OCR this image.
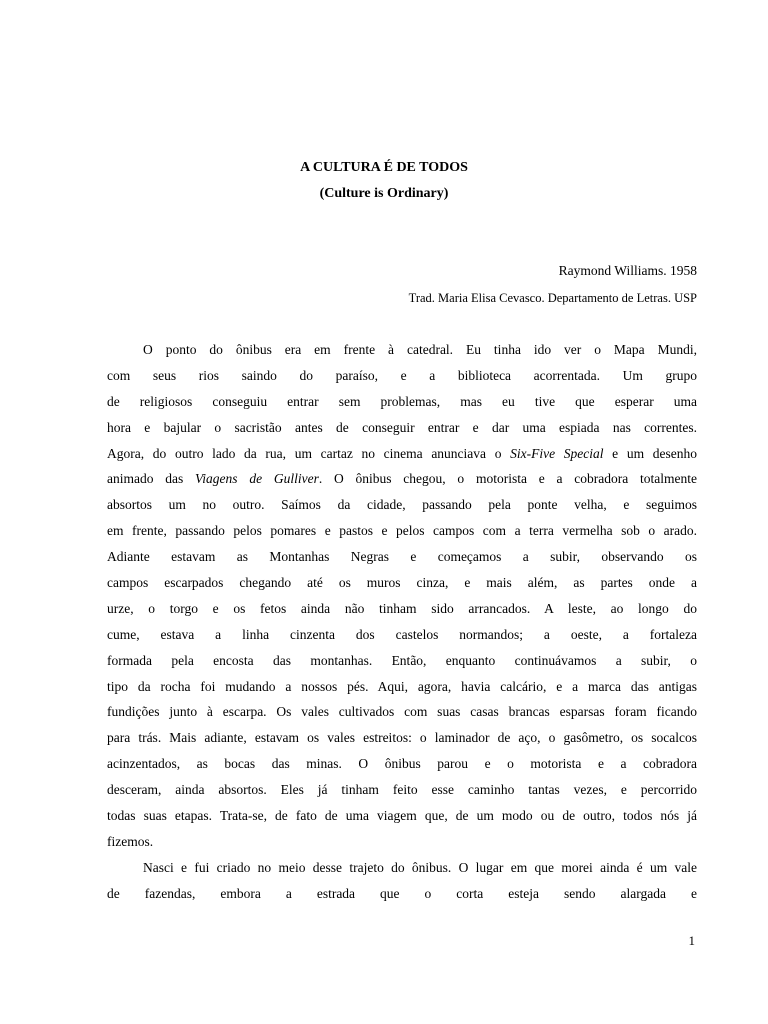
A CULTURA É DE TODOS
(Culture is Ordinary)

Raymond Williams. 1958

Trad. Maria Elisa Cevasco. Departamento de Letras. USP

O ponto do ônibus era em frente à catedral. Eu tinha ido ver o Mapa Mundi,
com seus rios saindo do paraíso, e a biblioteca acorrentada. Um grupo
de religiosos conseguiu entrar sem problemas, mas eu tive que esperar uma
hora e bajular o sacristão antes de conseguir entrar e dar uma espiada nas correntes.
Agora, do outro lado da rua, um cartaz no cinema anunciava o Six-Five Special e um desenho
animado das Viagens de Gulliver. O ônibus chegou, o motorista e a cobradora totalmente
absortos um no outro. Saímos da cidade, passando pela ponte velha, e seguimos
em frente, passando pelos pomares e pastos e pelos campos com a terra vermelha sob o arado.
Adiante estavam as Montanhas Negras e começamos a subir, observando os
campos escarpados chegando até os muros cinza, e mais além, as partes onde a
urze, o torgo e os fetos ainda não tinham sido arrancados. A leste, ao longo do
cume, estava a linha cinzenta dos castelos normandos; a oeste, a fortaleza
formada pela encosta das montanhas. Então, enquanto continuávamos a subir, o
tipo da rocha foi mudando a nossos pés. Aqui, agora, havia calcário, e a marca das antigas
fundições junto à escarpa. Os vales cultivados com suas casas brancas esparsas foram ficando
para trás. Mais adiante, estavam os vales estreitos: o laminador de aço, o gasômetro, os socalcos
acinzentados, as bocas das minas. O ônibus parou e o motorista e a cobradora
desceram, ainda absortos. Eles já tinham feito esse caminho tantas vezes, e percorrido
todas suas etapas. Trata-se, de fato de uma viagem que, de um modo ou de outro, todos nós já
fizemos.
Nasci e fui criado no meio desse trajeto do ônibus. O lugar em que morei ainda é um vale
de fazendas, embora a estrada que o corta esteja sendo alargada e

1
